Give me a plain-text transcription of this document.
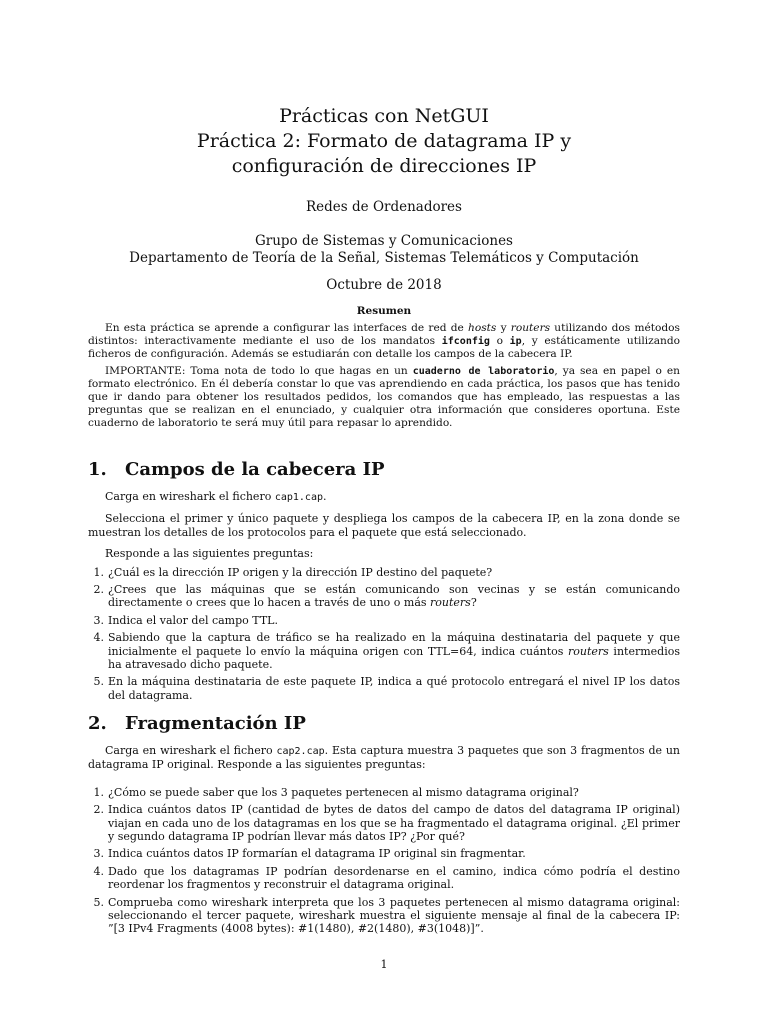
Prácticas con NetGUI
Práctica 2: Formato de datagrama IP y
configuración de direcciones IP
Redes de Ordenadores
Grupo de Sistemas y Comunicaciones
Departamento de Teoría de la Señal, Sistemas Telemáticos y Computación
Octubre de 2018
Resumen

En esta práctica se aprende a configurar las interfaces de red de hosts y routers utilizando dos métodos distintos: interactivamente mediante el uso de los mandatos ifconfig o ip, y estáticamente utilizando ficheros de configuración. Además se estudiarán con detalle los campos de la cabecera IP.

IMPORTANTE: Toma nota de todo lo que hagas en un cuaderno de laboratorio, ya sea en papel o en formato electrónico. En él debería constar lo que vas aprendiendo en cada práctica, los pasos que has tenido que ir dando para obtener los resultados pedidos, los comandos que has empleado, las respuestas a las preguntas que se realizan en el enunciado, y cualquier otra información que consideres oportuna. Este cuaderno de laboratorio te será muy útil para repasar lo aprendido.

1. Campos de la cabecera IP

Carga en wireshark el fichero cap1.cap.

Selecciona el primer y único paquete y despliega los campos de la cabecera IP, en la zona donde se muestran los detalles de los protocolos para el paquete que está seleccionado.

Responde a las siguientes preguntas:

1. ¿Cuál es la dirección IP origen y la dirección IP destino del paquete?
2. ¿Crees que las máquinas que se están comunicando son vecinas y se están comunicando directamente o crees que lo hacen a través de uno o más routers?
3. Indica el valor del campo TTL.
4. Sabiendo que la captura de tráfico se ha realizado en la máquina destinataria del paquete y que inicialmente el paquete lo envío la máquina origen con TTL=64, indica cuántos routers intermedios ha atravesado dicho paquete.
5. En la máquina destinataria de este paquete IP, indica a qué protocolo entregará el nivel IP los datos del datagrama.
2. Fragmentación IP

Carga en wireshark el fichero cap2.cap. Esta captura muestra 3 paquetes que son 3 fragmentos de un datagrama IP original. Responde a las siguientes preguntas:

1. ¿Cómo se puede saber que los 3 paquetes pertenecen al mismo datagrama original?
2. Indica cuántos datos IP (cantidad de bytes de datos del campo de datos del datagrama IP original) viajan en cada uno de los datagramas en los que se ha fragmentado el datagrama original. ¿El primer y segundo datagrama IP podrían llevar más datos IP? ¿Por qué?
3. Indica cuántos datos IP formarían el datagrama IP original sin fragmentar.
4. Dado que los datagramas IP podrían desordenarse en el camino, indica cómo podría el destino reordenar los fragmentos y reconstruir el datagrama original.
5. Comprueba como wireshark interpreta que los 3 paquetes pertenecen al mismo datagrama original: seleccionando el tercer paquete, wireshark muestra el siguiente mensaje al final de la cabecera IP: ”[3 IPv4 Fragments (4008 bytes): #1(1480), #2(1480), #3(1048)]”.
1
